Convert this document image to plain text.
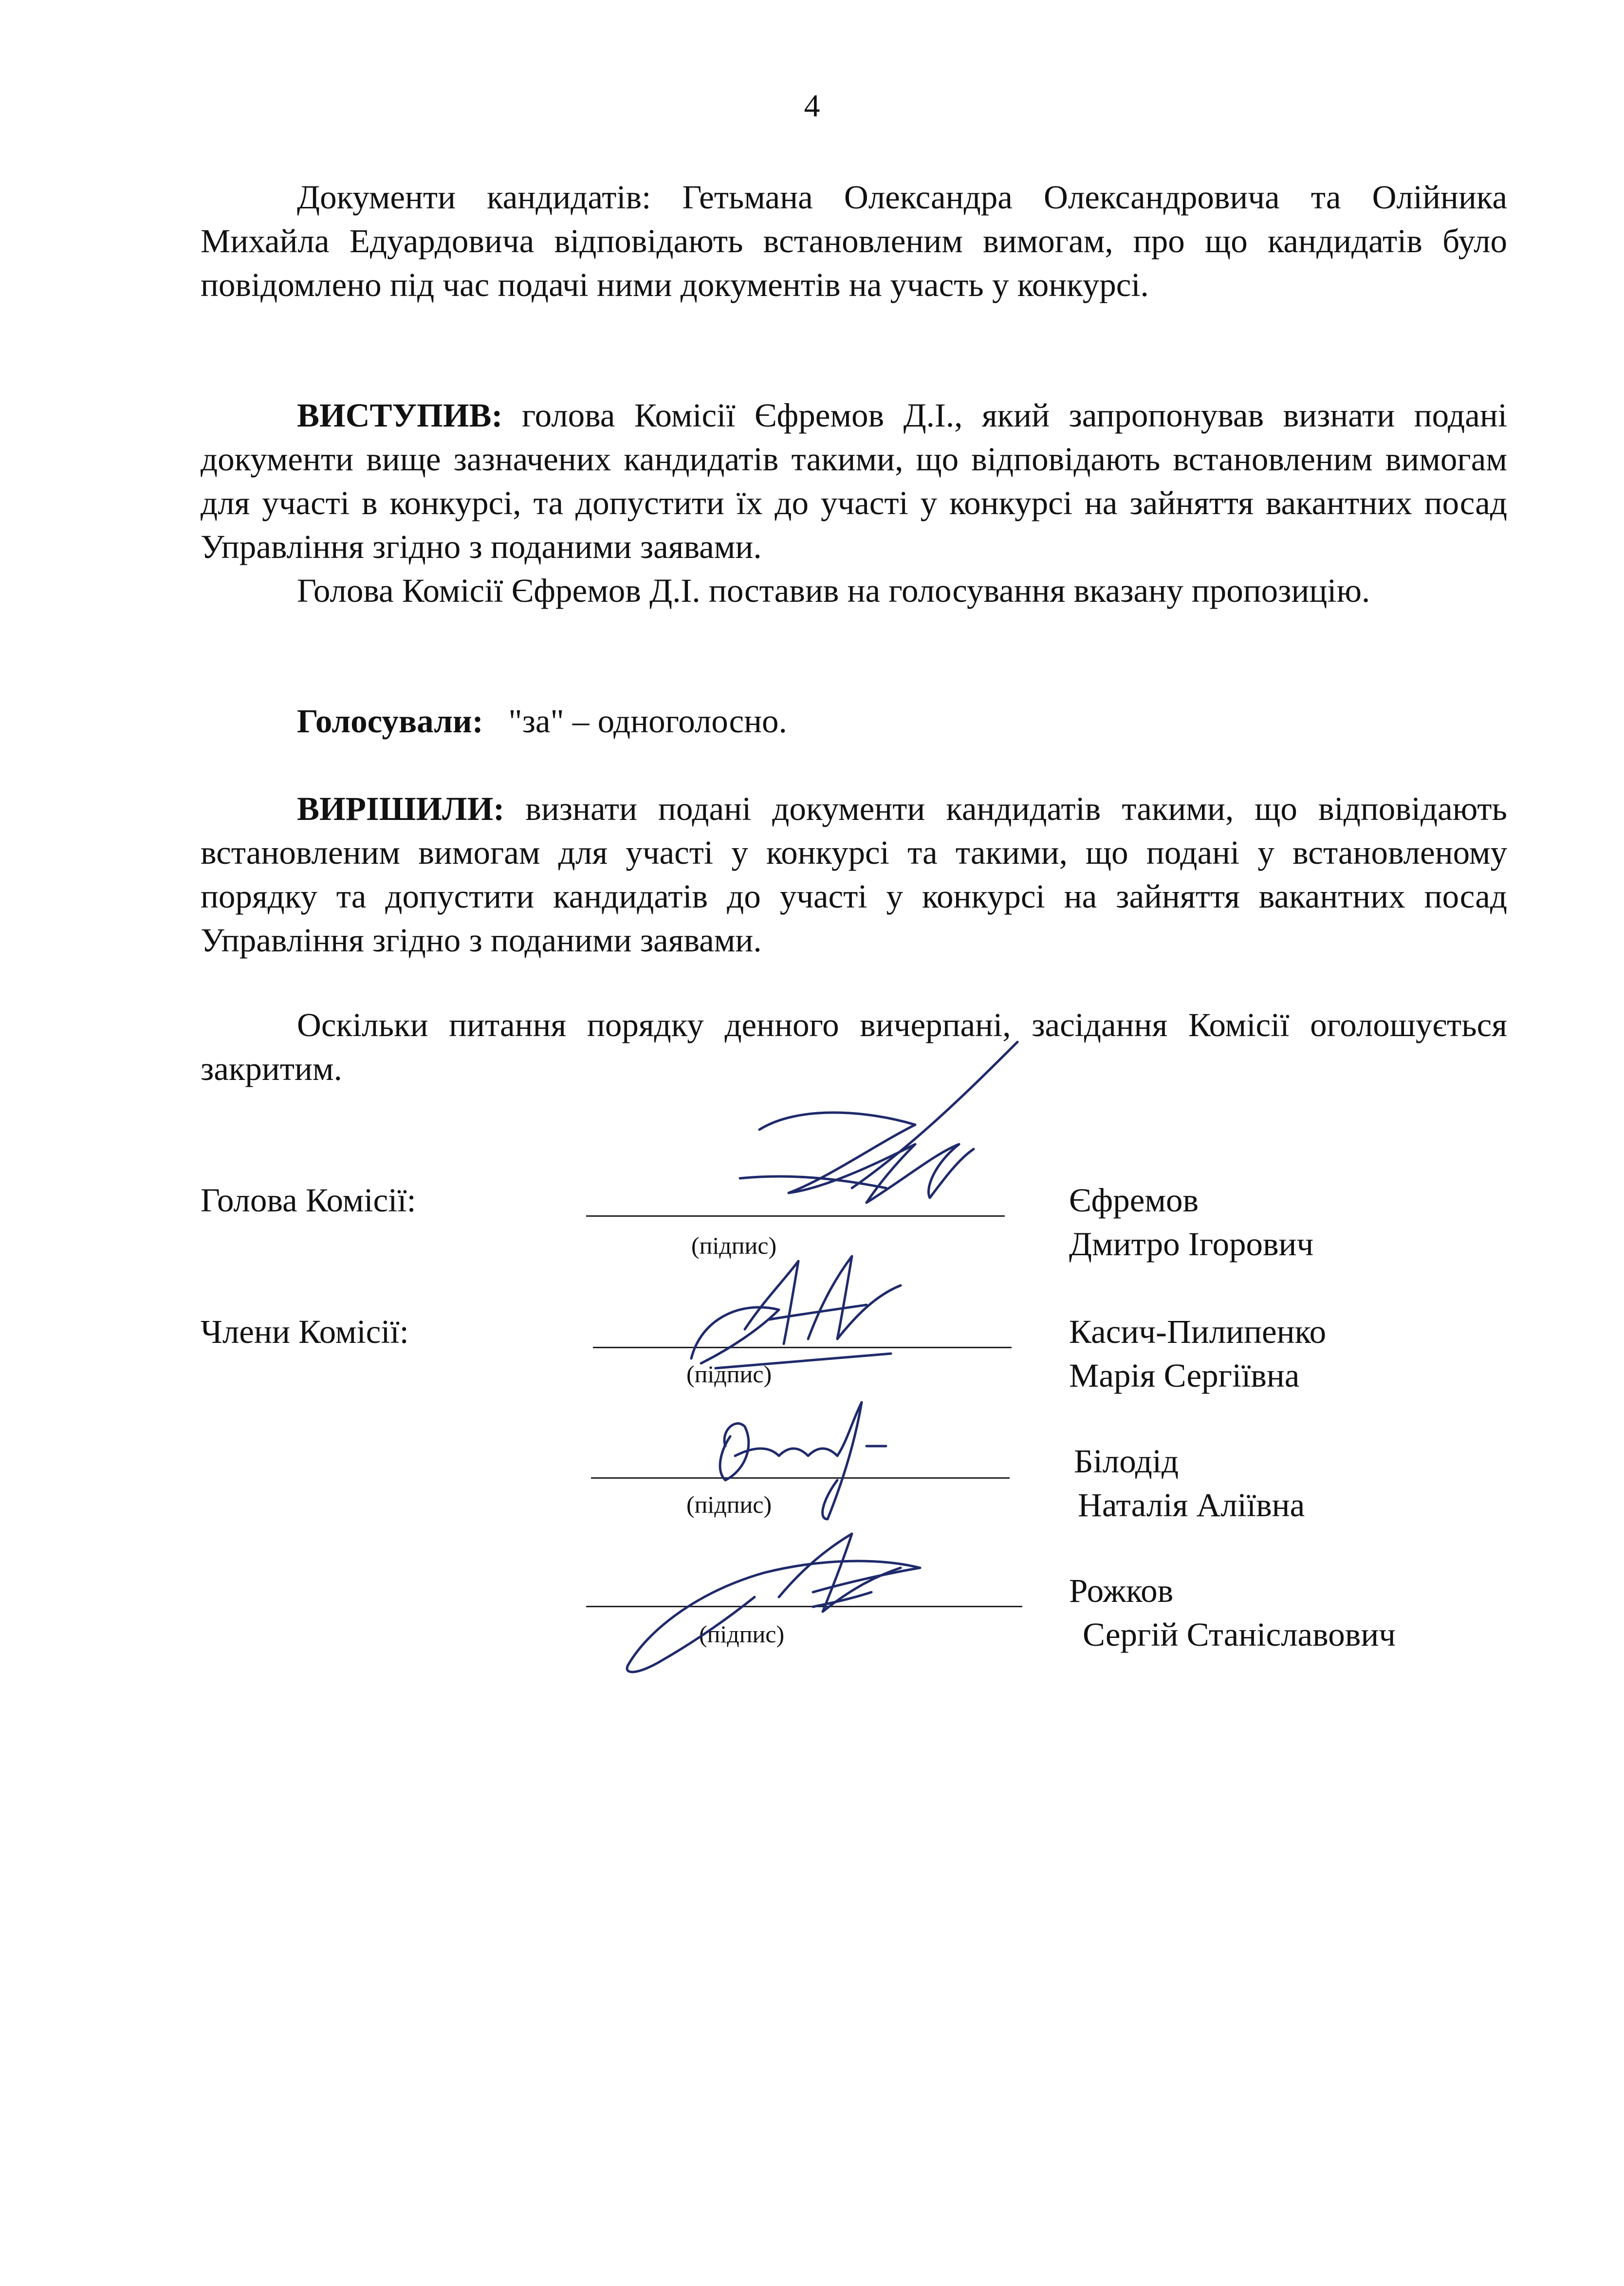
4

Документи кандидатів: Гетьмана Олександра Олександровича та Олійника Михайла Едуардовича відповідають встановленим вимогам, про що кандидатів було повідомлено під час подачі ними документів на участь у конкурсі.

ВИСТУПИВ: голова Комісії Єфремов Д.І., який запропонував визнати подані документи вище зазначених кандидатів такими, що відповідають встановленим вимогам для участі в конкурсі, та допустити їх до участі у конкурсі на зайняття вакантних посад Управління згідно з поданими заявами.

Голова Комісії Єфремов Д.І. поставив на голосування вказану пропозицію.

Голосували:   "за" – одноголосно.

ВИРІШИЛИ: визнати подані документи кандидатів такими, що відповідають встановленим вимогам для участі у конкурсі та такими, що подані у встановленому порядку та допустити кандидатів до участі у конкурсі на зайняття вакантних посад Управління згідно з поданими заявами.

Оскільки питання порядку денного вичерпані, засідання Комісії оголошується закритим.

Голова Комісії:
(підпис)
Єфремов
Дмитро Ігорович
Члени Комісії:
(підпис)
Касич-Пилипенко
Марія Сергіївна
(підпис)
Білодід
Наталія Аліївна
(підпис)
Рожков
Сергій Станіславович
